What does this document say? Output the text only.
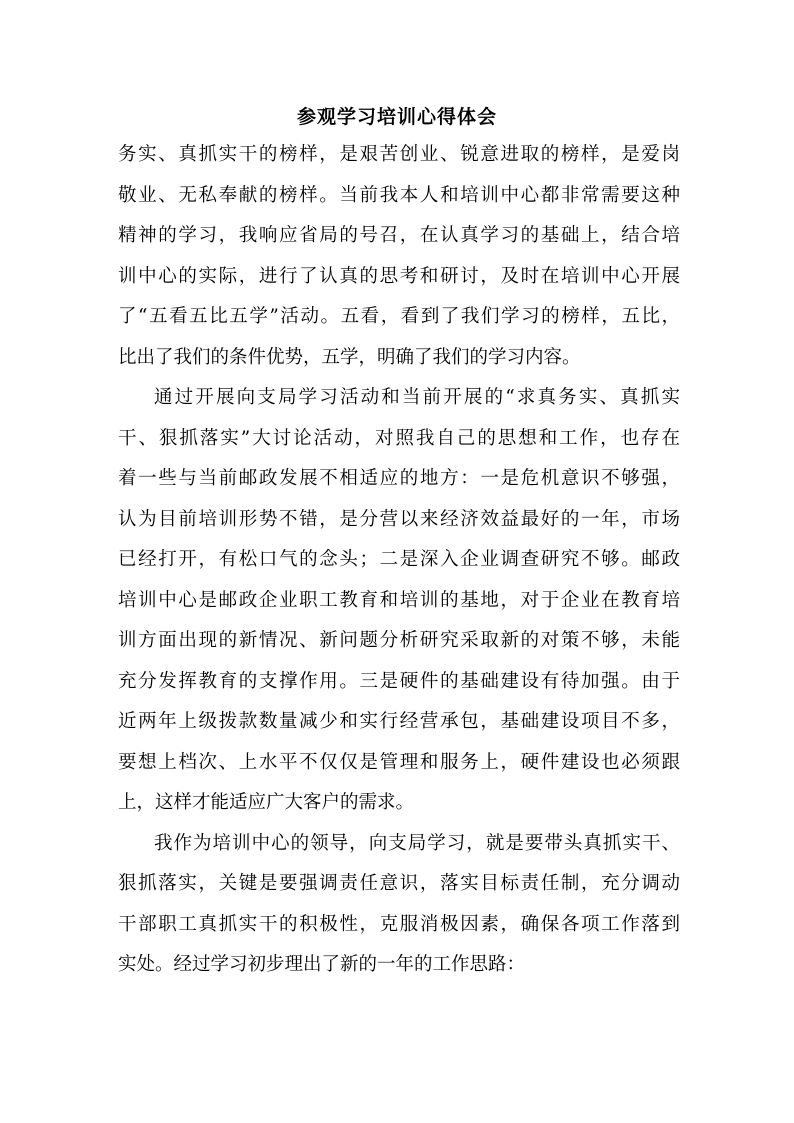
参观学习培训心得体会
务实、真抓实干的榜样，是艰苦创业、锐意进取的榜样，是爱岗
敬业、无私奉献的榜样。当前我本人和培训中心都非常需要这种
精神的学习，我响应省局的号召，在认真学习的基础上，结合培
训中心的实际，进行了认真的思考和研讨，及时在培训中心开展
了“五看五比五学”活动。五看，看到了我们学习的榜样，五比，
比出了我们的条件优势，五学，明确了我们的学习内容。
通过开展向支局学习活动和当前开展的“求真务实、真抓实
干、狠抓落实”大讨论活动，对照我自己的思想和工作，也存在
着一些与当前邮政发展不相适应的地方：一是危机意识不够强，
认为目前培训形势不错，是分营以来经济效益最好的一年，市场
已经打开，有松口气的念头；二是深入企业调查研究不够。邮政
培训中心是邮政企业职工教育和培训的基地，对于企业在教育培
训方面出现的新情况、新问题分析研究采取新的对策不够，未能
充分发挥教育的支撑作用。三是硬件的基础建设有待加强。由于
近两年上级拨款数量减少和实行经营承包，基础建设项目不多，
要想上档次、上水平不仅仅是管理和服务上，硬件建设也必须跟
上，这样才能适应广大客户的需求。
我作为培训中心的领导，向支局学习，就是要带头真抓实干、
狠抓落实，关键是要强调责任意识，落实目标责任制，充分调动
干部职工真抓实干的积极性，克服消极因素，确保各项工作落到
实处。经过学习初步理出了新的一年的工作思路：
